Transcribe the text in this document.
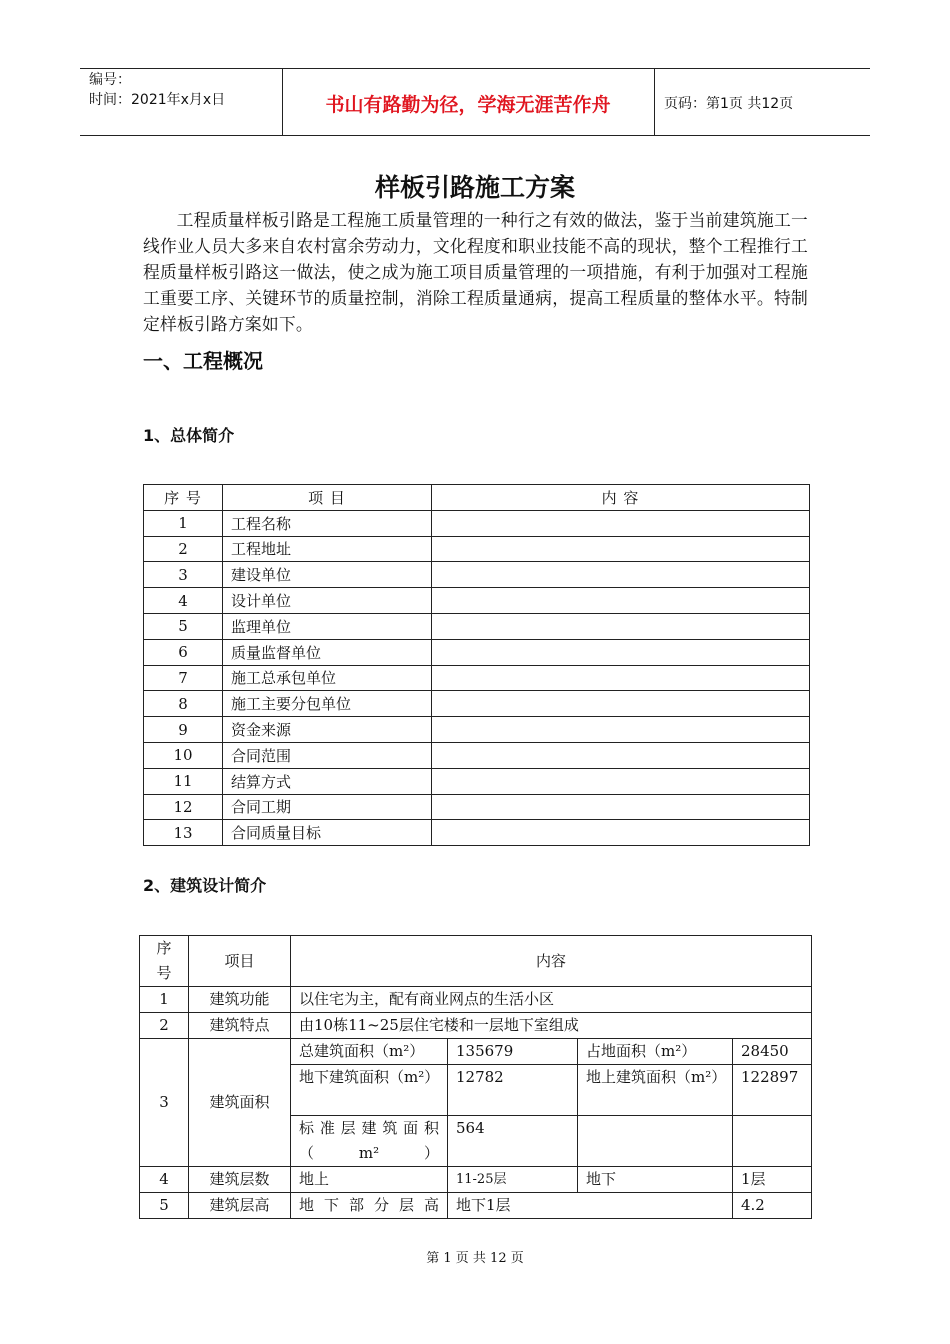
编号：
时间：2021年x月x日	书山有路勤为径，学海无涯苦作舟	页码：第1页 共12页
样板引路施工方案
工程质量样板引路是工程施工质量管理的一种行之有效的做法，鉴于当前建筑施工一线作业人员大多来自农村富余劳动力，文化程度和职业技能不高的现状，整个工程推行工程质量样板引路这一做法，使之成为施工项目质量管理的一项措施，有利于加强对工程施工重要工序、关键环节的质量控制，消除工程质量通病，提高工程质量的整体水平。特制定样板引路方案如下。
一、工程概况
1、总体简介
序 号	项 目	内 容
1	工程名称	
2	工程地址	
3	建设单位	
4	设计单位	
5	监理单位	
6	质量监督单位	
7	施工总承包单位	
8	施工主要分包单位	
9	资金来源	
10	合同范围	
11	结算方式	
12	合同工期	
13	合同质量目标	
2、建筑设计简介
序号	项目	内容			
1	建筑功能	以住宅为主，配有商业网点的生活小区			
2	建筑特点	由10栋11~25层住宅楼和一层地下室组成			
3	建筑面积	总建筑面积（m²）	135679	占地面积（m²）	28450
		地下建筑面积（m²）	12782	地上建筑面积（m²）	122897
		标准层建筑面积（m²）	564		
4	建筑层数	地上	11-25层	地下	1层
5	建筑层高	地下部分层高	地下1层		4.2
第 1 页 共 12 页
